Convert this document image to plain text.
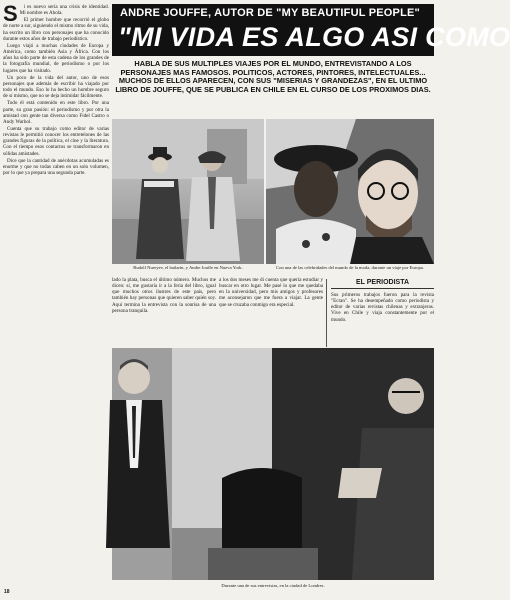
S	i es nuevo sería una crisis de identidad. Mi nombre es Ahola.

El primer hombre que recorrió el globo de norte a sur, siguiendo el mismo ritmo de su vida, ha escrito un libro con personajes que ha conocido durante estos años de trabajo periodístico.

Luego viajó a muchas ciudades de Europa y América, como también Asia y África. Con los años ha sido parte de esta cadena de los grandes de la fotografía mundial, de periodismo o por los lugares que ha visitado.

Un poco de la vida del autor, uno de esos personajes que además de escribir ha viajado por todo el mundo. Eso lo ha hecho un hombre seguro de sí mismo, que no se deja intimidar fácilmente.

Todo él está contenido en este libro. Por una parte, su gran pasión: el periodismo y por otra la amistad con gente tan diversa como Fidel Castro o Andy Warhol.

Cuenta que su trabajo como editor de varias revistas le permitió conocer los entretelones de las grandes figuras de la política, el cine y la literatura. Con el tiempo esos contactos se transformaron en sólidas amistades.

Dice que la cantidad de anécdotas acumuladas es enorme y que no todas caben en un solo volumen, por lo que ya prepara una segunda parte.

ANDRE JOUFFE, AUTOR DE "MY BEAUTIFUL PEOPLE"
"MI VIDA ES ALGO ASI COMO
HABLA DE SUS MULTIPLES VIAJES POR EL MUNDO, ENTREVISTANDO A LOS PERSONAJES MAS FAMOSOS. POLITICOS, ACTORES, PINTORES, INTELECTUALES... MUCHOS DE ELLOS APARECEN, CON SUS "MISERIAS Y GRANDEZAS", EN EL ULTIMO LIBRO DE JOUFFE, QUE SE PUBLICA EN CHILE EN EL CURSO DE LOS PROXIMOS DIAS.
Rudolf Nureyev, el bailarín, y Andre Jouffe en Nueva York.	Con una de las celebridades del mundo de la moda, durante un viaje por Europa.
lado la plata, busca el último número. Muchos me dicen: sí, me gustaría ir a la feria del libro, igual que muchos otros ilustres de este país, pero también hay personas que quieren saber quién soy. Aquí termina la entrevista con la sonrisa de una persona tranquila.
a los dos meses me di cuenta que quería estudiar y buscar en otro lugar. Me pasé lo que me quedaba en la universidad, pero mis amigos y profesores me aconsejaron que me fuera a viajar. La gente que se cruzaba conmigo era especial.
EL PERIODISTA
Sus primeros trabajos fueron para la revista "Ecran". Se ha desempeñado como periodista y editor de varias revistas chilenas y extranjeras. Vive en Chile y viaja constantemente por el mundo.
Durante una de sus entrevistas, en la ciudad de Londres.
18
